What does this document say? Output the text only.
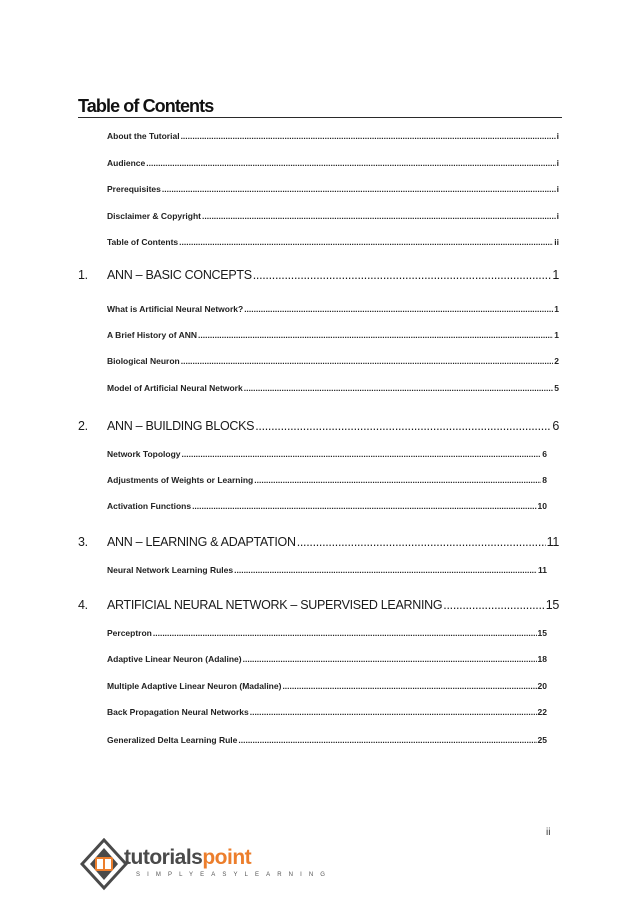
Table of Contents
About the Tutorial .....	i
Audience .....	i
Prerequisites .....	i
Disclaimer & Copyright .....	i
Table of Contents .....	ii
1.	ANN – BASIC CONCEPTS .....	1
What is Artificial Neural Network? .....	1
A Brief History of ANN .....	1
Biological Neuron .....	2
Model of Artificial Neural Network .....	5
2.	ANN – BUILDING BLOCKS .....	6
Network Topology .....	6
Adjustments of Weights or Learning .....	8
Activation Functions .....	10
3.	ANN – LEARNING & ADAPTATION .....	11
Neural Network Learning Rules .....	11
4.	ARTIFICIAL NEURAL NETWORK – SUPERVISED LEARNING .....	15
Perceptron .....	15
Adaptive Linear Neuron (Adaline) .....	18
Multiple Adaptive Linear Neuron (Madaline) .....	20
Back Propagation Neural Networks .....	22
Generalized Delta Learning Rule .....	25
ii
tutorialspoint
SIMPLYEASYLEARNING
